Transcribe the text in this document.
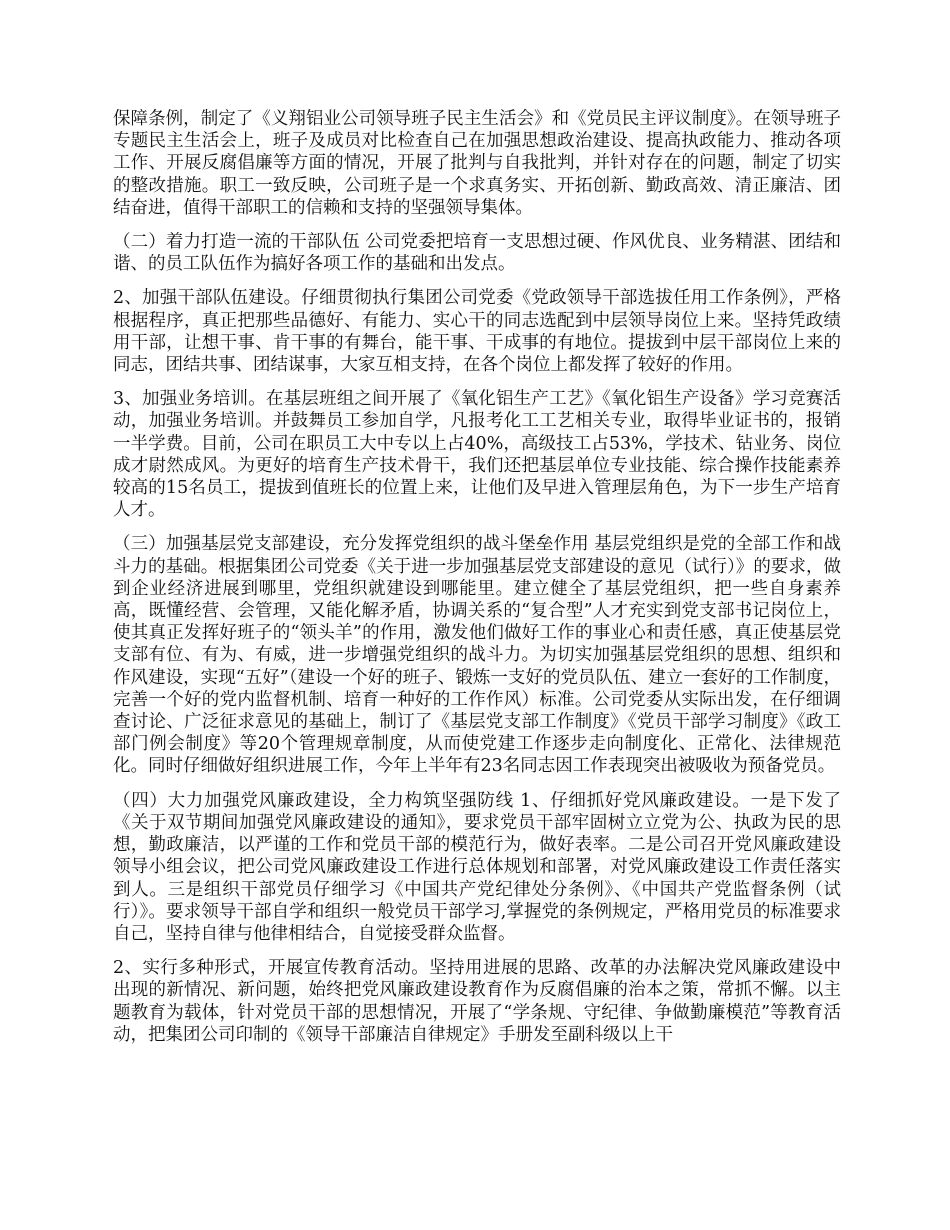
保障条例，制定了《义翔铝业公司领导班子民主生活会》和《党员民主评议制度》。在领导班子专题民主生活会上，班子及成员对比检查自己在加强思想政治建设、提高执政能力、推动各项工作、开展反腐倡廉等方面的情况，开展了批判与自我批判，并针对存在的问题，制定了切实的整改措施。职工一致反映，公司班子是一个求真务实、开拓创新、勤政高效、清正廉洁、团结奋进，值得干部职工的信赖和支持的坚强领导集体。

（二）着力打造一流的干部队伍 公司党委把培育一支思想过硬、作风优良、业务精湛、团结和谐、的员工队伍作为搞好各项工作的基础和出发点。

2、加强干部队伍建设。仔细贯彻执行集团公司党委《党政领导干部选拔任用工作条例》，严格根据程序，真正把那些品德好、有能力、实心干的同志选配到中层领导岗位上来。坚持凭政绩用干部，让想干事、肯干事的有舞台，能干事、干成事的有地位。提拔到中层干部岗位上来的同志，团结共事、团结谋事，大家互相支持，在各个岗位上都发挥了较好的作用。

3、加强业务培训。在基层班组之间开展了《氧化铝生产工艺》《氧化铝生产设备》学习竞赛活动，加强业务培训。并鼓舞员工参加自学，凡报考化工工艺相关专业，取得毕业证书的，报销一半学费。目前，公司在职员工大中专以上占40%，高级技工占53%，学技术、钻业务、岗位成才尉然成风。为更好的培育生产技术骨干，我们还把基层单位专业技能、综合操作技能素养较高的15名员工，提拔到值班长的位置上来，让他们及早进入管理层角色，为下一步生产培育人才。

（三）加强基层党支部建设，充分发挥党组织的战斗堡垒作用 基层党组织是党的全部工作和战斗力的基础。根据集团公司党委《关于进一步加强基层党支部建设的意见（试行）》的要求，做到企业经济进展到哪里，党组织就建设到哪能里。建立健全了基层党组织，把一些自身素养高，既懂经营、会管理，又能化解矛盾，协调关系的“复合型”人才充实到党支部书记岗位上，使其真正发挥好班子的“领头羊”的作用，激发他们做好工作的事业心和责任感，真正使基层党支部有位、有为、有威，进一步增强党组织的战斗力。为切实加强基层党组织的思想、组织和作风建设，实现“五好”（建设一个好的班子、锻炼一支好的党员队伍、建立一套好的工作制度，完善一个好的党内监督机制、培育一种好的工作作风）标准。公司党委从实际出发，在仔细调查讨论、广泛征求意见的基础上，制订了《基层党支部工作制度》《党员干部学习制度》《政工部门例会制度》等20个管理规章制度，从而使党建工作逐步走向制度化、正常化、法律规范化。同时仔细做好组织进展工作，今年上半年有23名同志因工作表现突出被吸收为预备党员。

（四）大力加强党风廉政建设，全力构筑坚强防线 1、仔细抓好党风廉政建设。一是下发了《关于双节期间加强党风廉政建设的通知》，要求党员干部牢固树立立党为公、执政为民的思想，勤政廉洁，以严谨的工作和党员干部的模范行为，做好表率。二是公司召开党风廉政建设领导小组会议，把公司党风廉政建设工作进行总体规划和部署，对党风廉政建设工作责任落实到人。三是组织干部党员仔细学习《中国共产党纪律处分条例》、《中国共产党监督条例（试行）》。要求领导干部自学和组织一般党员干部学习,掌握党的条例规定，严格用党员的标准要求自己，坚持自律与他律相结合，自觉接受群众监督。

2、实行多种形式，开展宣传教育活动。坚持用进展的思路、改革的办法解决党风廉政建设中出现的新情况、新问题，始终把党风廉政建设教育作为反腐倡廉的治本之策，常抓不懈。以主题教育为载体，针对党员干部的思想情况，开展了“学条规、守纪律、争做勤廉模范”等教育活动，把集团公司印制的《领导干部廉洁自律规定》手册发至副科级以上干
